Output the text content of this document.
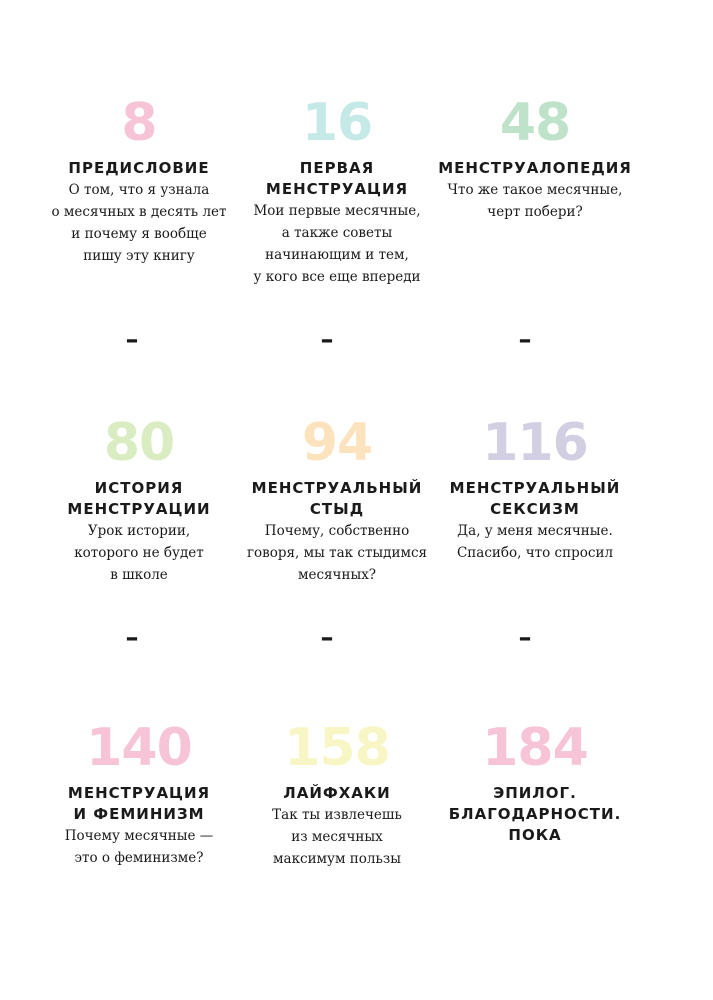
8
ПРЕДИСЛОВИЕ
О том, что я узнала
о месячных в десять лет
и почему я вообще
пишу эту книгу
16
ПЕРВАЯ
МЕНСТРУАЦИЯ
Мои первые месячные,
а также советы
начинающим и тем,
у кого все еще впереди
48
МЕНСТРУАЛОПЕДИЯ
Что же такое месячные,
черт побери?
80
ИСТОРИЯ
МЕНСТРУАЦИИ
Урок истории,
которого не будет
в школе
94
МЕНСТРУАЛЬНЫЙ
СТЫД
Почему, собственно
говоря, мы так стыдимся
месячных?
116
МЕНСТРУАЛЬНЫЙ
СЕКСИЗМ
Да, у меня месячные.
Спасибо, что спросил
140
МЕНСТРУАЦИЯ
И ФЕМИНИЗМ
Почему месячные —
это о феминизме?
158
ЛАЙФХАКИ
Так ты извлечешь
из месячных
максимум пользы
184
ЭПИЛОГ.
БЛАГОДАРНОСТИ.
ПОКА
–	–	–
–	–	–
